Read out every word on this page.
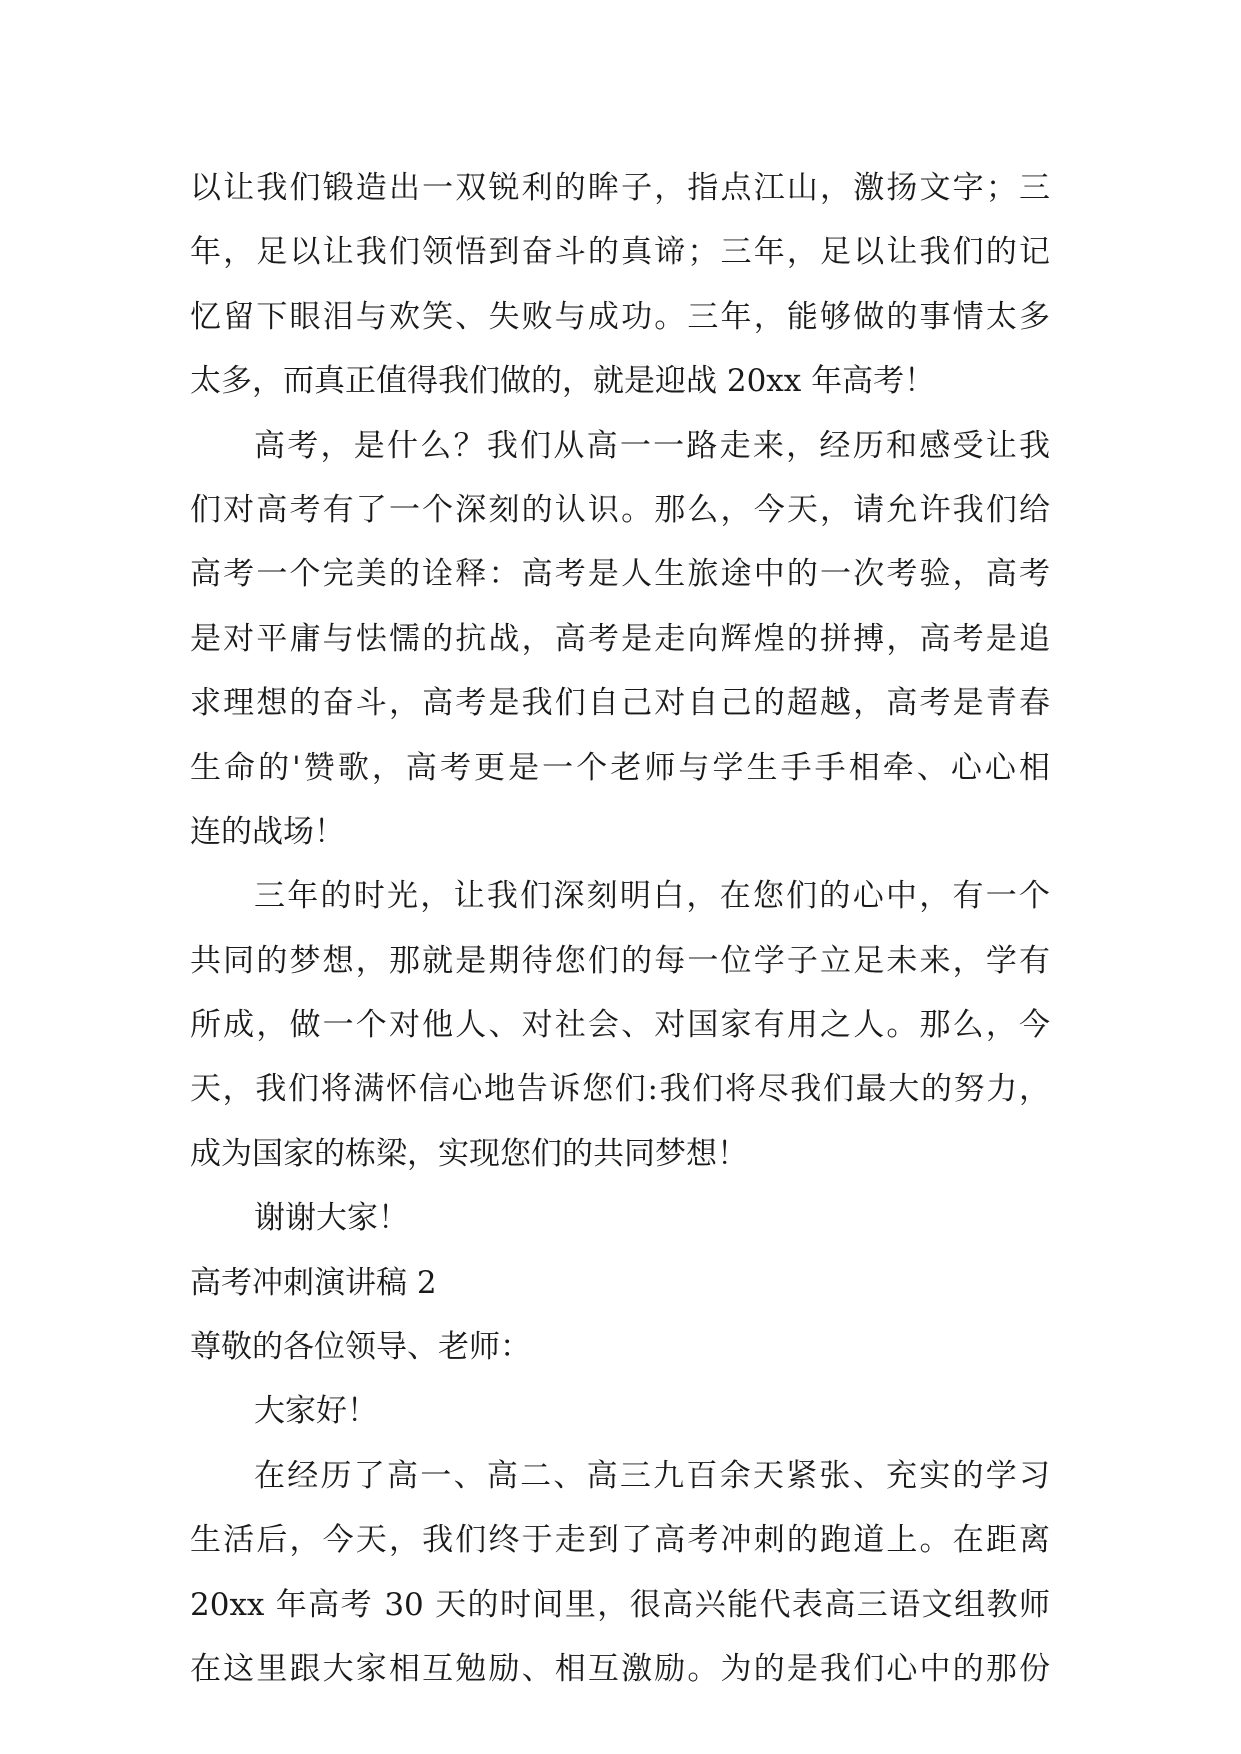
以让我们锻造出一双锐利的眸子，指点江山，激扬文字；三
年，足以让我们领悟到奋斗的真谛；三年，足以让我们的记
忆留下眼泪与欢笑、失败与成功。三年，能够做的事情太多
太多，而真正值得我们做的，就是迎战 20xx 年高考！
高考，是什么？我们从高一一路走来，经历和感受让我
们对高考有了一个深刻的认识。那么，今天，请允许我们给
高考一个完美的诠释：高考是人生旅途中的一次考验，高考
是对平庸与怯懦的抗战，高考是走向辉煌的拼搏，高考是追
求理想的奋斗，高考是我们自己对自己的超越，高考是青春
生命的'赞歌，高考更是一个老师与学生手手相牵、心心相
连的战场！
三年的时光，让我们深刻明白，在您们的心中，有一个
共同的梦想，那就是期待您们的每一位学子立足未来，学有
所成，做一个对他人、对社会、对国家有用之人。那么，今
天，我们将满怀信心地告诉您们:我们将尽我们最大的努力，
成为国家的栋梁，实现您们的共同梦想！
谢谢大家！
高考冲刺演讲稿 2
尊敬的各位领导、老师：
大家好！
在经历了高一、高二、高三九百余天紧张、充实的学习
生活后，今天，我们终于走到了高考冲刺的跑道上。在距离
20xx 年高考 30 天的时间里，很高兴能代表高三语文组教师
在这里跟大家相互勉励、相互激励。为的是我们心中的那份
